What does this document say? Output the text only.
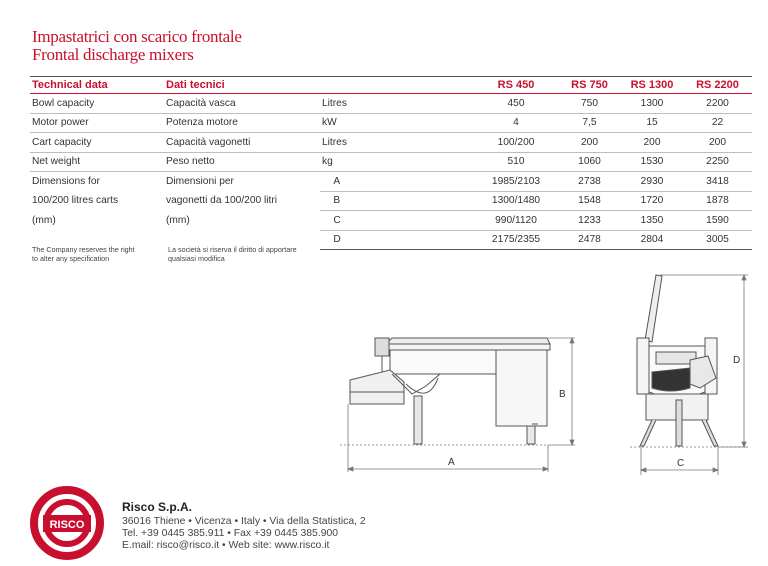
Impastatrici con scarico frontale
Frontal discharge mixers
Technical data	Dati tecnici		RS 450	RS 750	RS 1300	RS 2200
Bowl capacity	Capacità vasca	Litres	450	750	1300	2200
Motor power	Potenza motore	kW	4	7,5	15	22
Cart capacity	Capacità vagonetti	Litres	100/200	200	200	200
Net weight	Peso netto	kg	510	1060	1530	2250
Dimensions for	Dimensioni per	A	1985/2103	2738	2930	3418
100/200 litres carts	vagonetti da 100/200 litri	B	1300/1480	1548	1720	1878
(mm)	(mm)	C	990/1120	1233	1350	1590
		D	2175/2355	2478	2804	3005
The Company reserves the right
to alter any specification
La società si riserva il diritto di apportare
qualsiasi modifica
A
B
C
D
RISCO
Risco S.p.A.
36016 Thiene • Vicenza • Italy • Via della Statistica, 2
Tel. +39 0445 385.911 • Fax +39 0445 385.900
E.mail: risco@risco.it • Web site: www.risco.it
